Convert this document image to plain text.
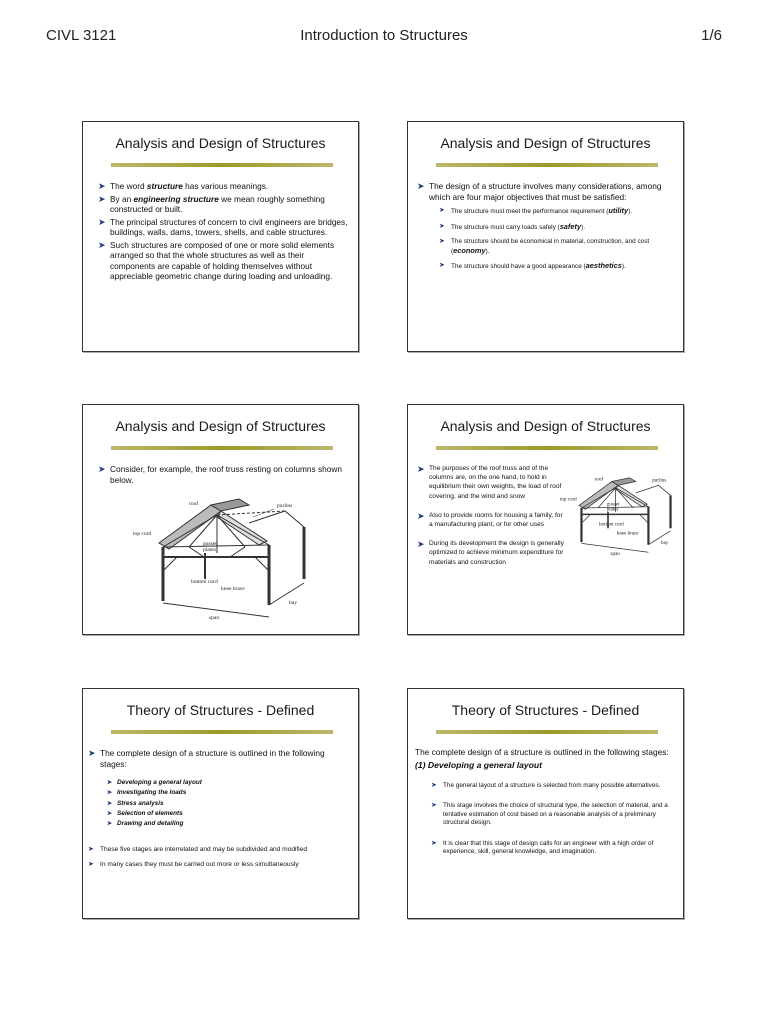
CIVL 3121	Introduction to Structures	1/6
Analysis and Design of Structures
➤ The word structure has various meanings.
➤ By an engineering structure we mean roughly something constructed or built.
➤ The principal structures of concern to civil engineers are bridges, buildings, walls, dams, towers, shells, and cable structures.
➤ Such structures are composed of one or more solid elements arranged so that the whole structures as well as their components are capable of holding themselves without appreciable geometric change during loading and unloading.
Analysis and Design of Structures
➤ The design of a structure involves many considerations, among which are four major objectives that must be satisfied:
➤ The structure must meet the performance requirement (utility).
➤ The structure must carry loads safely (safety).
➤ The structure should be economical in material, construction, and cost (economy).
➤ The structure should have a good appearance (aesthetics).
Analysis and Design of Structures
➤ Consider, for example, the roof truss resting on columns shown below.
roof	purlins
top cord
gusset
plates
bottom cord
knee brace
bay
span
Analysis and Design of Structures
➤ The purposes of the roof truss and of the columns are, on the one hand, to hold in equilibrium their own weights, the load of roof covering, and the wind and snow
➤ Also to provide rooms for housing a family, for a manufacturing plant, or for other uses
➤ During its development the design is generally optimized to achieve minimum expenditure for materials and construction
roof	purlins
top cord
gusset
plates
bottom cord
knee brace
bay
span
Theory of Structures - Defined
➤ The complete design of a structure is outlined in the following stages:
➤ Developing a general layout
➤ Investigating the loads
➤ Stress analysis
➤ Selection of elements
➤ Drawing and detailing
➤ These five stages are interrelated and may be subdivided and modified
➤ In many cases they must be carried out more or less simultaneously
Theory of Structures - Defined
The complete design of a structure is outlined in the following stages:
(1) Developing a general layout
➤ The general layout of a structure is selected from many possible alternatives.
➤ This stage involves the choice of structural type, the selection of material, and a tentative estimation of cost based on a reasonable analysis of a preliminary structural design.
➤ It is clear that this stage of design calls for an engineer with a high order of experience, skill, general knowledge, and imagination.
